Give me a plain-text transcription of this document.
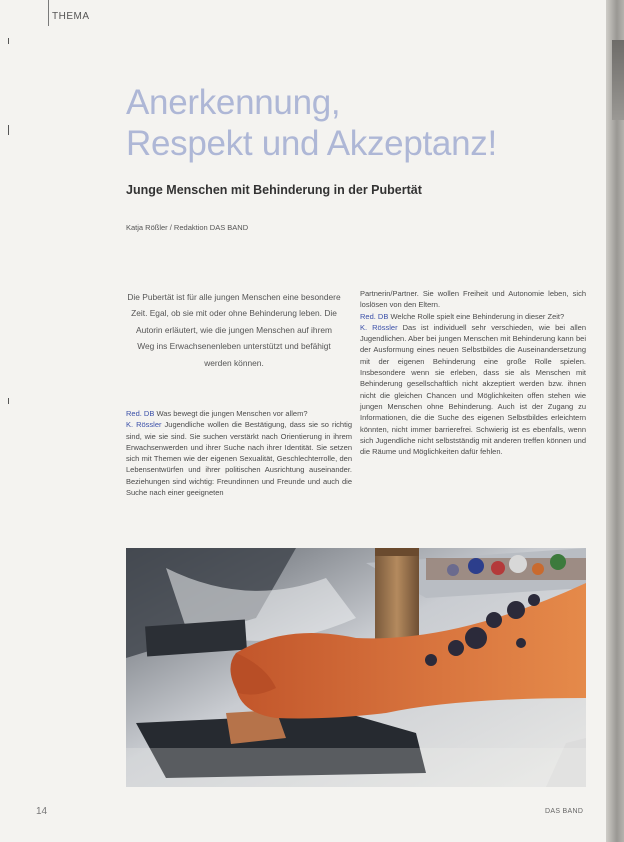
THEMA
Anerkennung,
Respekt und Akzeptanz!
Junge Menschen mit Behinderung in der Pubertät
Katja Rößler / Redaktion DAS BAND

Die Pubertät ist für alle jungen Menschen eine besondere Zeit. Egal, ob sie mit oder ohne Behinderung leben. Die Autorin erläutert, wie die jungen Menschen auf ihrem Weg ins Erwachsenenleben unterstützt und befähigt werden können.

Red. DB Was bewegt die jungen Menschen vor allem?

K. Rössler Jugendliche wollen die Bestätigung, dass sie so richtig sind, wie sie sind. Sie suchen verstärkt nach Orientierung in ihrem Erwachsenwerden und ihrer Suche nach ihrer Identität. Sie setzen sich mit Themen wie der eigenen Sexualität, Geschlechterrolle, den Lebensentwürfen und ihrer politischen Ausrichtung auseinander. Beziehungen sind wichtig: Freundinnen und Freunde und auch die Suche nach einer geeigneten

Partnerin/Partner. Sie wollen Freiheit und Autonomie leben, sich loslösen von den Eltern.

Red. DB Welche Rolle spielt eine Behinderung in dieser Zeit?

K. Rössler Das ist individuell sehr verschieden, wie bei allen Jugendlichen. Aber bei jungen Menschen mit Behinderung kann bei der Ausformung eines neuen Selbstbildes die Auseinandersetzung mit der eigenen Behinderung eine große Rolle spielen. Insbesondere wenn sie erleben, dass sie als Menschen mit Behinderung gesellschaftlich nicht akzeptiert werden bzw. ihnen nicht die gleichen Chancen und Möglichkeiten offen stehen wie jungen Menschen ohne Behinderung. Auch ist der Zugang zu Informationen, die die Suche des eigenen Selbstbildes erleichtern könnten, nicht immer barrierefrei. Schwierig ist es ebenfalls, wenn sich Jugendliche nicht selbstständig mit anderen treffen können und die Räume und Möglichkeiten dafür fehlen.

14	DAS BAND
